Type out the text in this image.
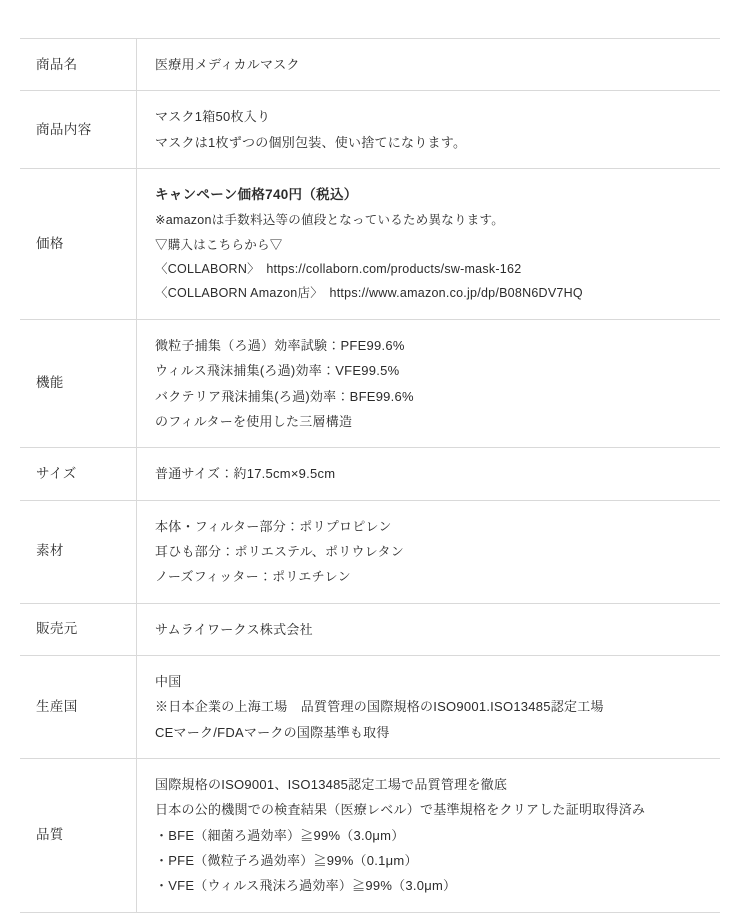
商品名	医療用メディカルマスク

商品内容	マスク1箱50枚入り
マスクは1枚ずつの個別包装、使い捨てになります。

価格	キャンペーン価格740円（税込）
※amazonは手数料込等の値段となっているため異なります。
▽購入はこちらから▽
〈COLLABORN〉　https://collaborn.com/products/sw-mask-162
〈COLLABORN Amazon店〉　https://www.amazon.co.jp/dp/B08N6DV7HQ

機能	微粒子捕集（ろ過）効率試験：PFE99.6%
ウィルス飛沫捕集(ろ過)効率：VFE99.5%
バクテリア飛沫捕集(ろ過)効率：BFE99.6%
のフィルターを使用した三層構造

サイズ	普通サイズ：約17.5cm×9.5cm

素材	本体・フィルター部分：ポリプロピレン
耳ひも部分：ポリエステル、ポリウレタン
ノーズフィッター：ポリエチレン

販売元	サムライワークス株式会社

生産国	中国
※日本企業の上海工場　品質管理の国際規格のISO9001.ISO13485認定工場
CEマーク/FDAマークの国際基準も取得

品質	国際規格のISO9001、ISO13485認定工場で品質管理を徹底
日本の公的機関での検査結果（医療レベル）で基準規格をクリアした証明取得済み
・BFE（細菌ろ過効率）≧99%（3.0μm）
・PFE（微粒子ろ過効率）≧99%（0.1μm）
・VFE（ウィルス飛沫ろ過効率）≧99%（3.0μm）
